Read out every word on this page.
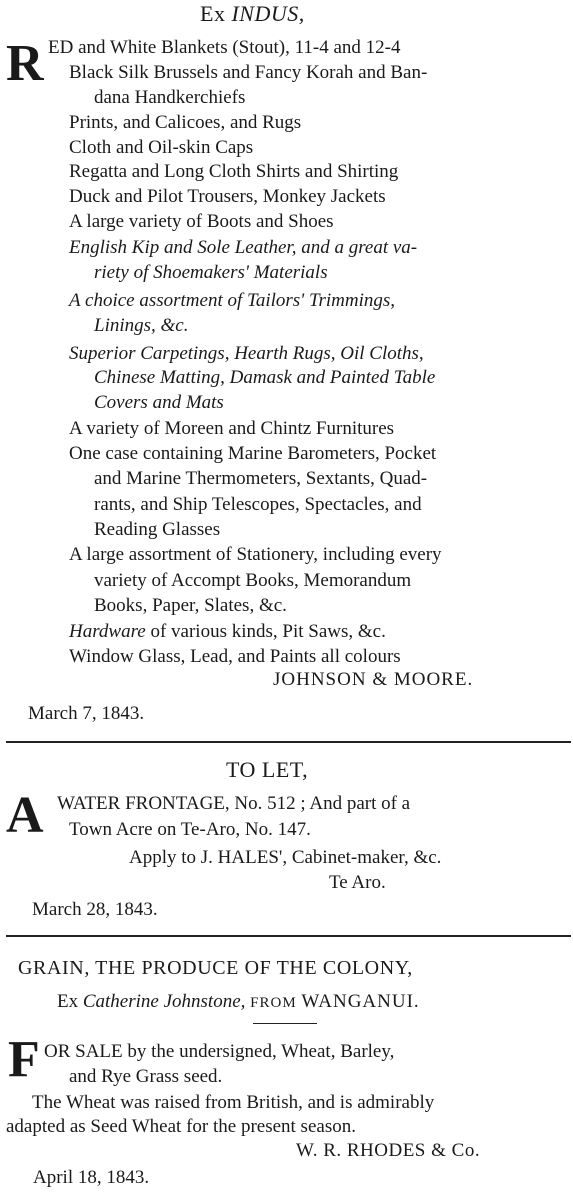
Ex INDUS,
R ED and White Blankets (Stout), 11-4 and 12-4
Black Silk Brussels and Fancy Korah and Ban-
dana Handkerchiefs
Prints, and Calicoes, and Rugs
Cloth and Oil-skin Caps
Regatta and Long Cloth Shirts and Shirting
Duck and Pilot Trousers, Monkey Jackets
A large variety of Boots and Shoes
English Kip and Sole Leather, and a great va-
riety of Shoemakers' Materials
A choice assortment of Tailors' Trimmings,
Linings, &c.
Superior Carpetings, Hearth Rugs, Oil Cloths,
Chinese Matting, Damask and Painted Table
Covers and Mats
A variety of Moreen and Chintz Furnitures
One case containing Marine Barometers, Pocket
and Marine Thermometers, Sextants, Quad-
rants, and Ship Telescopes, Spectacles, and
Reading Glasses
A large assortment of Stationery, including every
variety of Accompt Books, Memorandum
Books, Paper, Slates, &c.
Hardware of various kinds, Pit Saws, &c.
Window Glass, Lead, and Paints all colours
JOHNSON & MOORE.
March 7, 1843.
TO LET,
A WATER FRONTAGE, No. 512 ; And part of a
Town Acre on Te-Aro, No. 147.
Apply to J. HALES', Cabinet-maker, &c.
Te Aro.
March 28, 1843.
GRAIN, THE PRODUCE OF THE COLONY,
Ex Catherine Johnstone, FROM WANGANUI.
F OR SALE by the undersigned, Wheat, Barley,
and Rye Grass seed.
The Wheat was raised from British, and is admirably
adapted as Seed Wheat for the present season.
W. R. RHODES & Co.
April 18, 1843.
